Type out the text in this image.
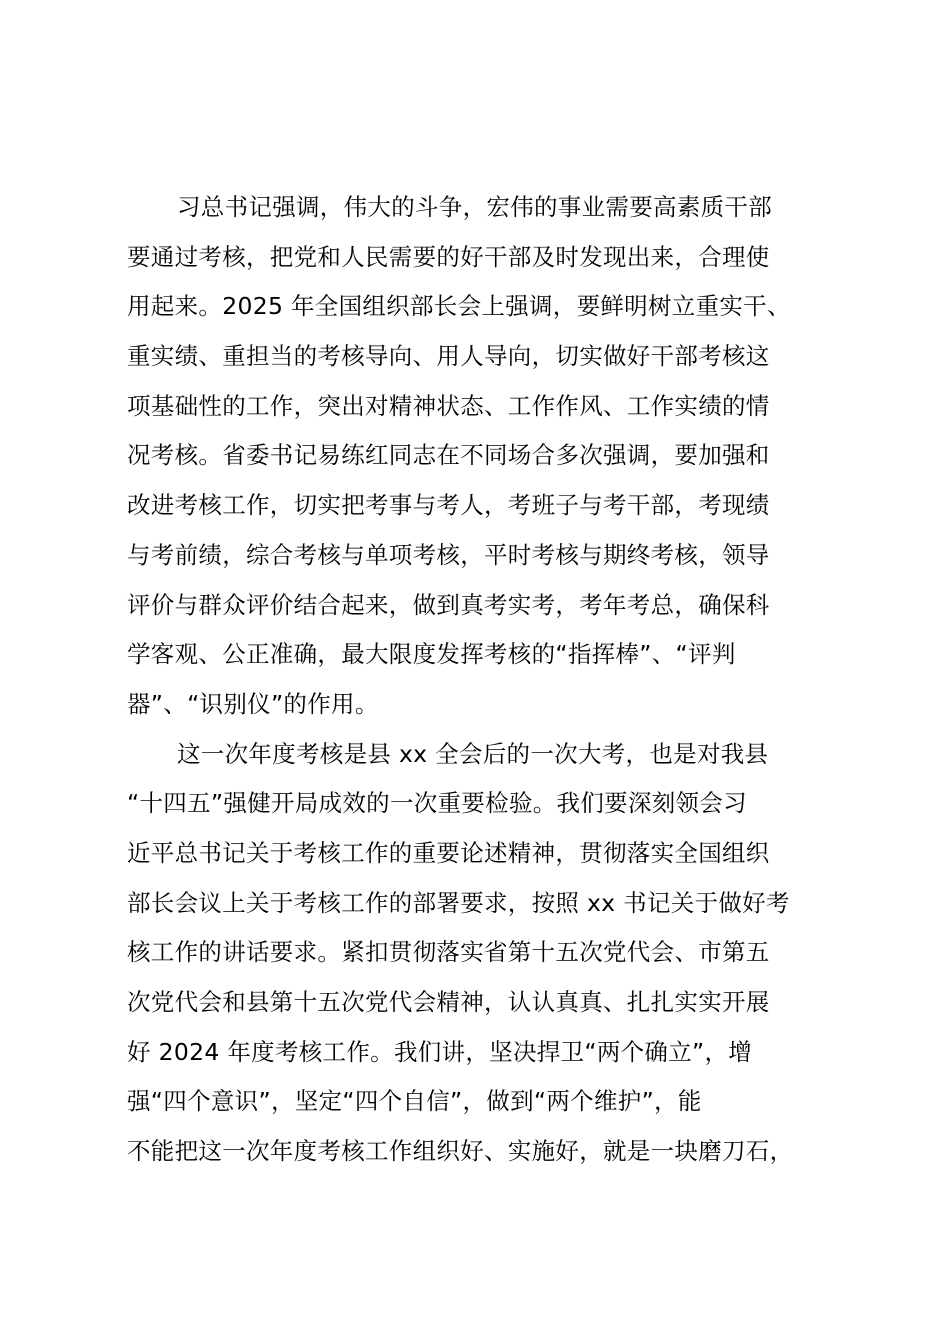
习总书记强调，伟大的斗争，宏伟的事业需要高素质干部
要通过考核，把党和人民需要的好干部及时发现出来，合理使
用起来。2025 年全国组织部长会上强调，要鲜明树立重实干、
重实绩、重担当的考核导向、用人导向，切实做好干部考核这
项基础性的工作，突出对精神状态、工作作风、工作实绩的情
况考核。省委书记易练红同志在不同场合多次强调，要加强和
改进考核工作，切实把考事与考人，考班子与考干部，考现绩
与考前绩，综合考核与单项考核，平时考核与期终考核，领导
评价与群众评价结合起来，做到真考实考，考年考总，确保科
学客观、公正准确，最大限度发挥考核的“指挥棒”、“评判
器”、“识别仪”的作用。
这一次年度考核是县 xx 全会后的一次大考，也是对我县
“十四五”强健开局成效的一次重要检验。我们要深刻领会习
近平总书记关于考核工作的重要论述精神，贯彻落实全国组织
部长会议上关于考核工作的部署要求，按照 xx 书记关于做好考
核工作的讲话要求。紧扣贯彻落实省第十五次党代会、市第五
次党代会和县第十五次党代会精神，认认真真、扎扎实实开展
好 2024 年度考核工作。我们讲，坚决捍卫“两个确立”，增
强“四个意识”，坚定“四个自信”，做到“两个维护”，能
不能把这一次年度考核工作组织好、实施好，就是一块磨刀石，
